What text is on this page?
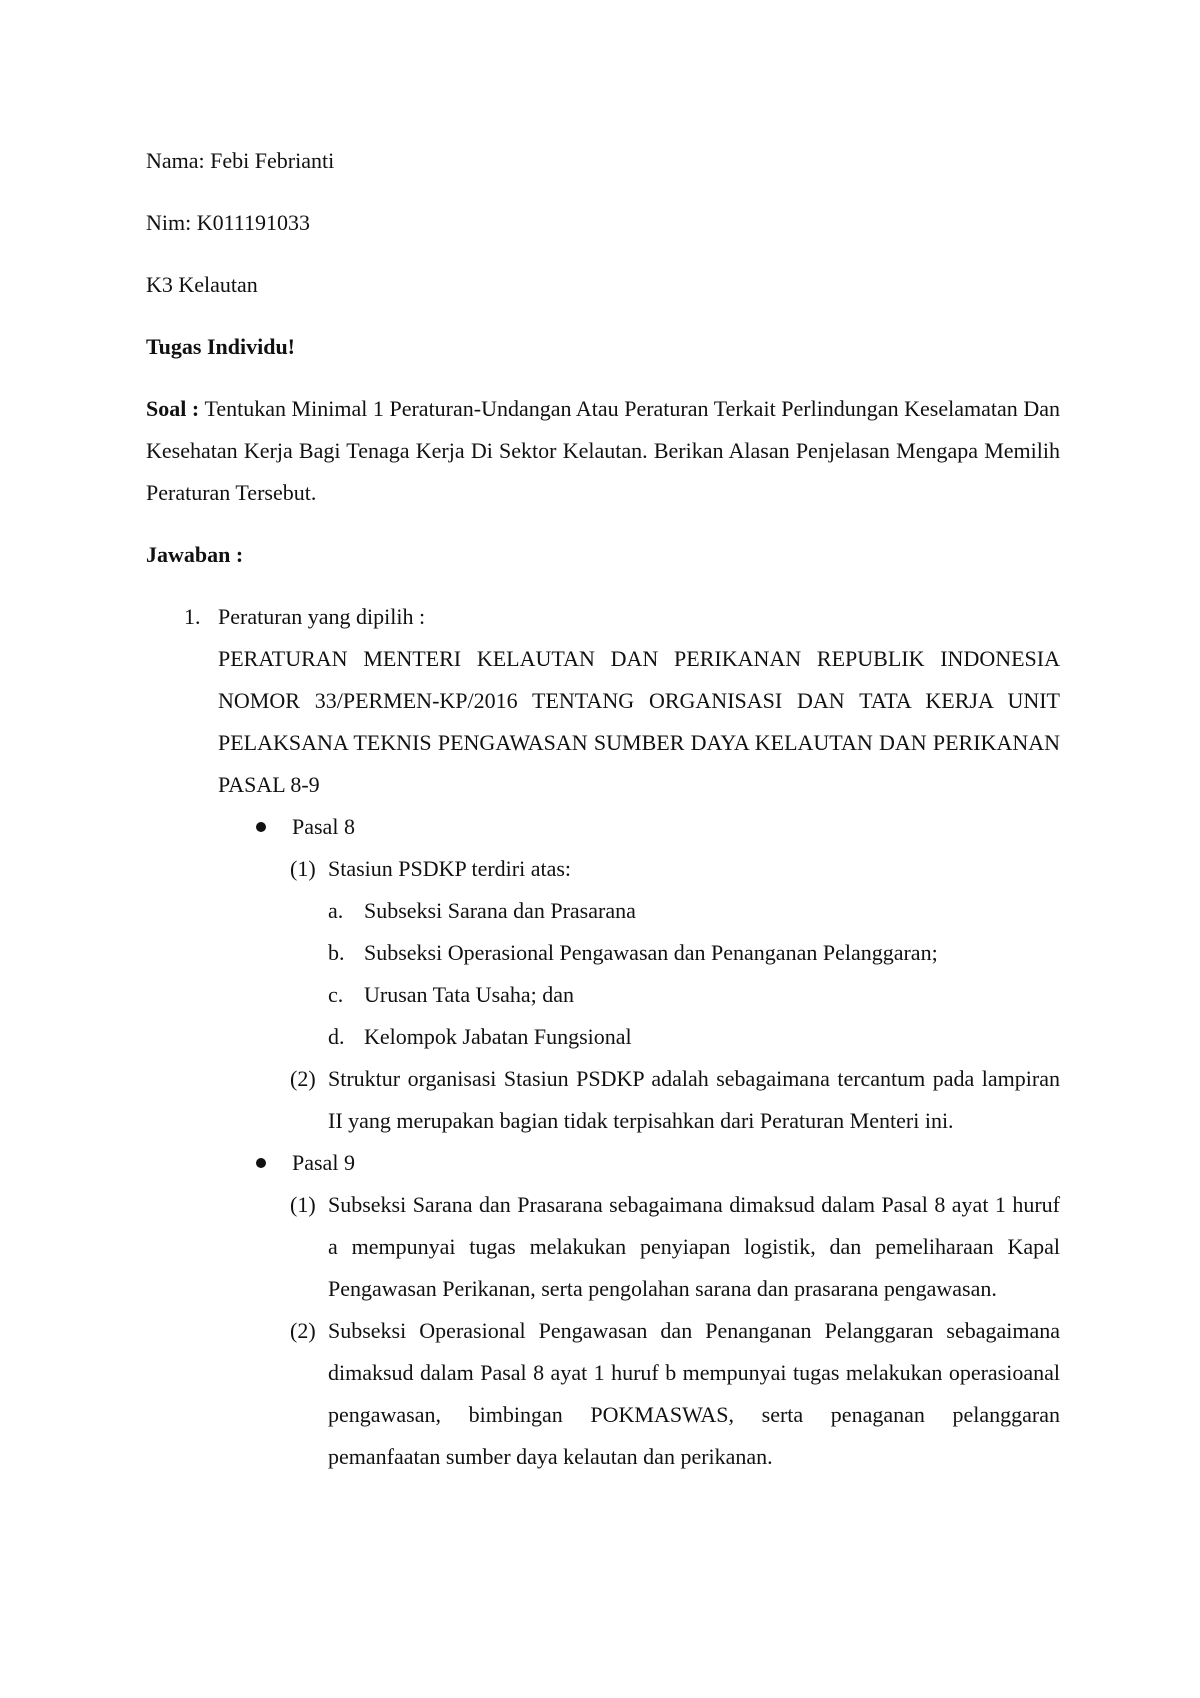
Nama: Febi Febrianti

Nim: K011191033

K3 Kelautan

Tugas Individu!

Soal : Tentukan Minimal 1 Peraturan-Undangan Atau Peraturan Terkait Perlindungan Keselamatan Dan Kesehatan Kerja Bagi Tenaga Kerja Di Sektor Kelautan. Berikan Alasan Penjelasan Mengapa Memilih Peraturan Tersebut.

Jawaban :

1. Peraturan yang dipilih :

PERATURAN MENTERI KELAUTAN DAN PERIKANAN REPUBLIK INDONESIA NOMOR 33/PERMEN-KP/2016 TENTANG ORGANISASI DAN TATA KERJA UNIT PELAKSANA TEKNIS PENGAWASAN SUMBER DAYA KELAUTAN DAN PERIKANAN PASAL 8-9

Pasal 8
(1) Stasiun PSDKP terdiri atas:
a. Subseksi Sarana dan Prasarana
b. Subseksi Operasional Pengawasan dan Penanganan Pelanggaran;
c. Urusan Tata Usaha; dan
d. Kelompok Jabatan Fungsional
(2) Struktur organisasi Stasiun PSDKP adalah sebagaimana tercantum pada lampiran II yang merupakan bagian tidak terpisahkan dari Peraturan Menteri ini.
Pasal 9
(1) Subseksi Sarana dan Prasarana sebagaimana dimaksud dalam Pasal 8 ayat 1 huruf a mempunyai tugas melakukan penyiapan logistik, dan pemeliharaan Kapal Pengawasan Perikanan, serta pengolahan sarana dan prasarana pengawasan.
(2) Subseksi Operasional Pengawasan dan Penanganan Pelanggaran sebagaimana dimaksud dalam Pasal 8 ayat 1 huruf b mempunyai tugas melakukan operasioanal pengawasan, bimbingan POKMASWAS, serta penaganan pelanggaran pemanfaatan sumber daya kelautan dan perikanan.
